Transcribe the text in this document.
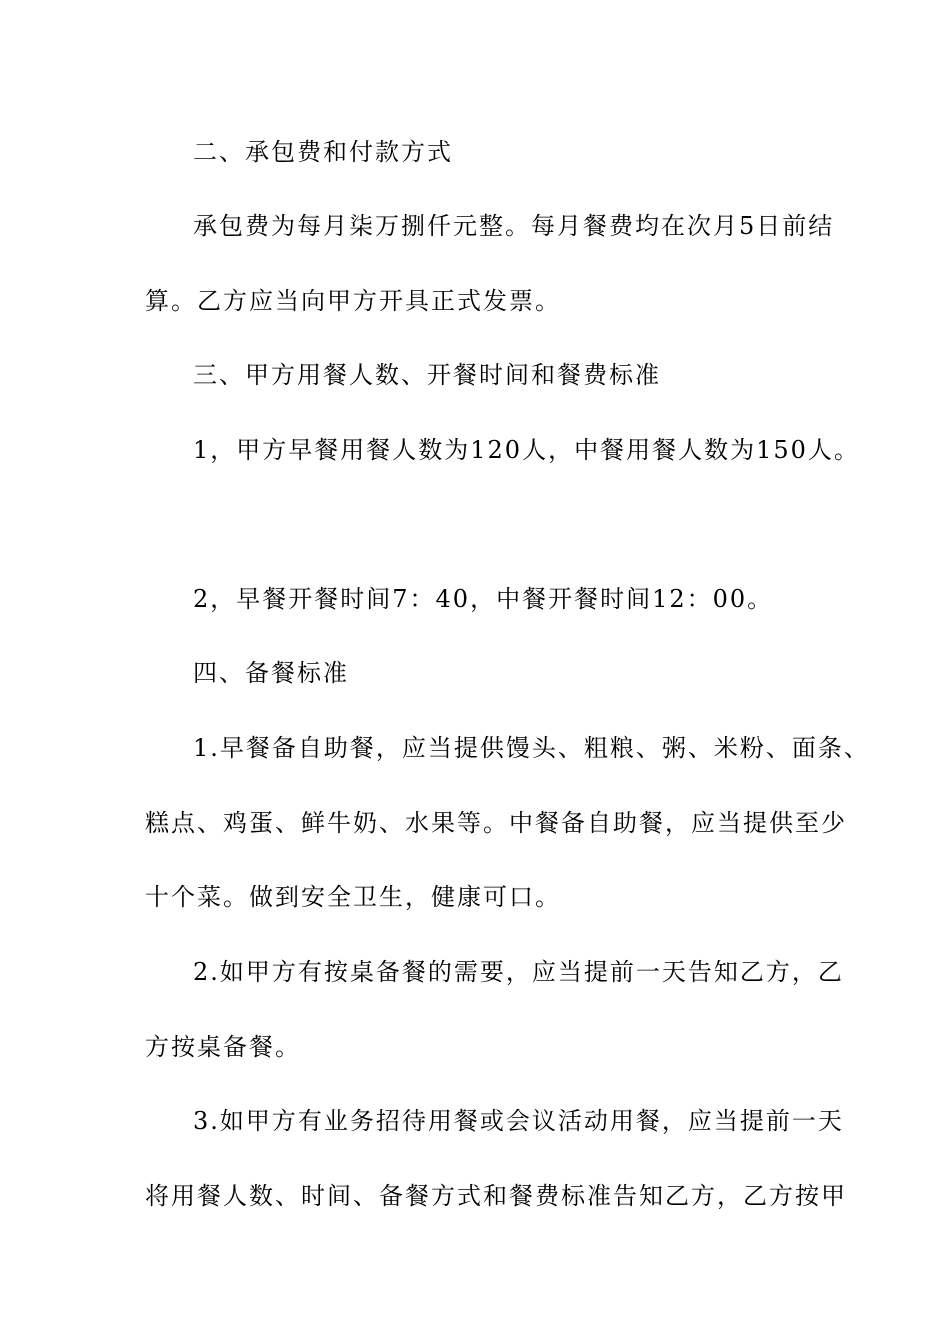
二、承包费和付款方式
承包费为每月柒万捌仟元整。每月餐费均在次月5日前结
算。乙方应当向甲方开具正式发票。
三、甲方用餐人数、开餐时间和餐费标准
1，甲方早餐用餐人数为120人，中餐用餐人数为150人。
2，早餐开餐时间7：40，中餐开餐时间12：00。
四、备餐标准
1.早餐备自助餐，应当提供馒头、粗粮、粥、米粉、面条、
糕点、鸡蛋、鲜牛奶、水果等。中餐备自助餐，应当提供至少
十个菜。做到安全卫生，健康可口。
2.如甲方有按桌备餐的需要，应当提前一天告知乙方，乙
方按桌备餐。
3.如甲方有业务招待用餐或会议活动用餐，应当提前一天
将用餐人数、时间、备餐方式和餐费标准告知乙方，乙方按甲
